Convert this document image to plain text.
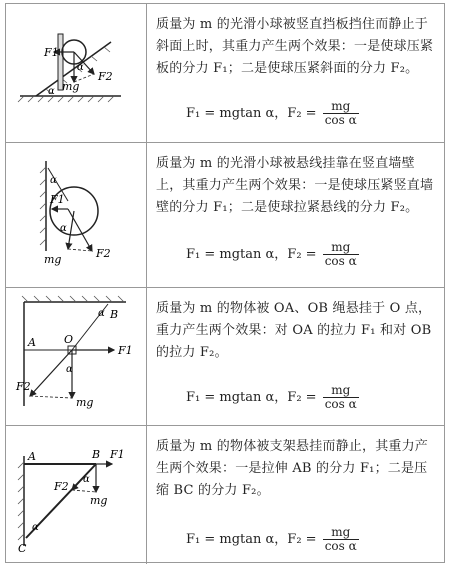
F1
F2
mg
α
α
质量为 m 的光滑小球被竖直挡板挡住而静止于斜面上时，其重力产生两个效果：一是使球压紧板的分力 F₁；二是使球压紧斜面的分力 F₂。
F₁ = mgtan α，$F_2 = \frac{mg}{\text{cos α}}$
F1
F2
mg
α
α
质量为 m 的光滑小球被悬线挂靠在竖直墙壁上，其重力产生两个效果：一是使球压紧竖直墙壁的分力 F₁；二是使球拉紧悬线的分力 F₂。
F₁ = mgtan α，$F_2 = \frac{mg}{\text{cos α}}$
A
B
O
F1
F2
mg
α
α
质量为 m 的物体被 OA、OB 绳悬挂于 O 点，重力产生两个效果：对 OA 的拉力 F₁ 和对 OB 的拉力 F₂。
F₁ = mgtan α，$F_2 = \frac{mg}{\text{cos α}}$
A	B
C
F1
F2
mg
α
α
质量为 m 的物体被支架悬挂而静止，其重力产生两个效果：一是拉伸 AB 的分力 F₁；二是压缩 BC 的分力 F₂。
F₁ = mgtan α，$F_2 = \frac{mg}{\text{cos α}}$
